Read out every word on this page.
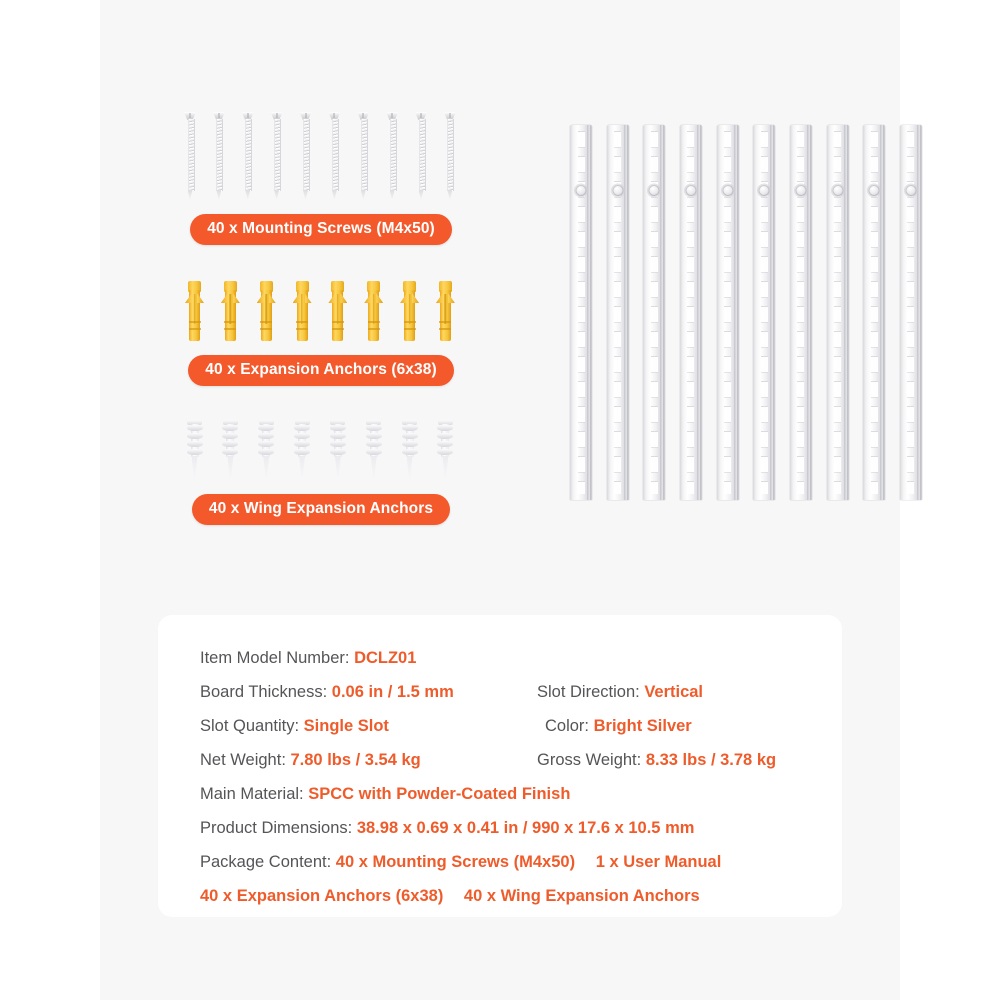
40 x Mounting Screws (M4x50)
40 x Expansion Anchors (6x38)
40 x Wing Expansion Anchors
Item Model Number: DCLZ01
Board Thickness: 0.06 in / 1.5 mm	Slot Direction: Vertical
Slot Quantity: Single Slot	Color: Bright Silver
Net Weight: 7.80 lbs / 3.54 kg	Gross Weight: 8.33 lbs / 3.78 kg
Main Material: SPCC with Powder-Coated Finish
Product Dimensions: 38.98 x 0.69 x 0.41 in / 990 x 17.6 x 10.5 mm
Package Content: 40 x Mounting Screws (M4x50) 1 x User Manual
40 x Expansion Anchors (6x38) 40 x Wing Expansion Anchors
